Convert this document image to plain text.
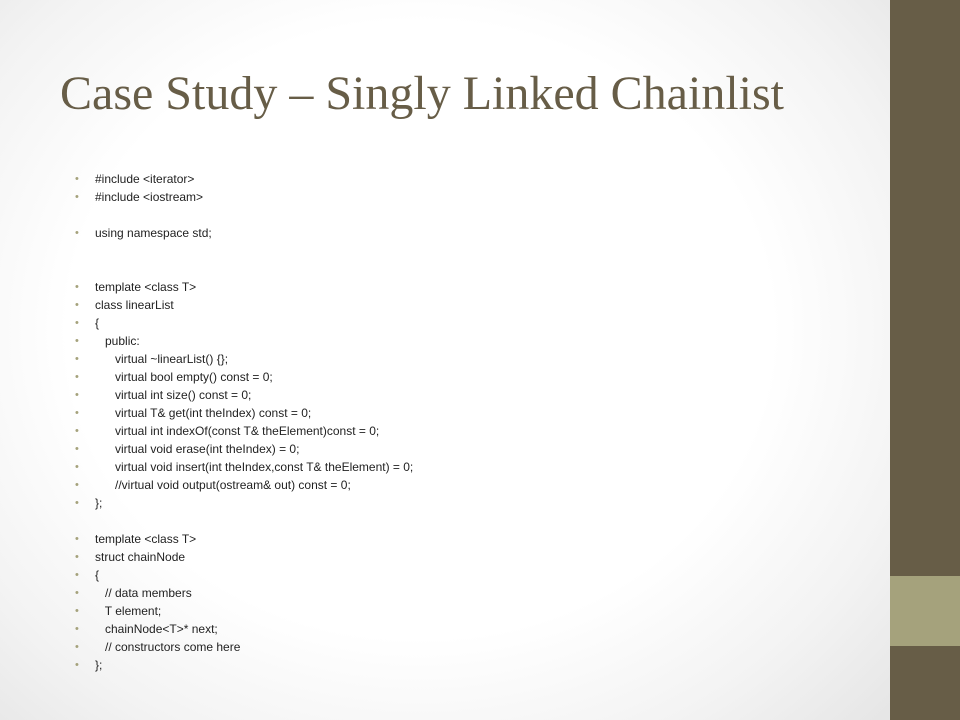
Case Study – Singly Linked Chainlist
• #include <iterator>
• #include <iostream>
• using namespace std;
• template <class T>
• class linearList
• {
• public:
• virtual ~linearList() {};
• virtual bool empty() const = 0;
• virtual int size() const = 0;
• virtual T& get(int theIndex) const = 0;
• virtual int indexOf(const T& theElement)const = 0;
• virtual void erase(int theIndex) = 0;
• virtual void insert(int theIndex,const T& theElement) = 0;
• //virtual void output(ostream& out) const = 0;
• };
• template <class T>
• struct chainNode
• {
• // data members
• T element;
• chainNode<T>* next;
• // constructors come here
• };
